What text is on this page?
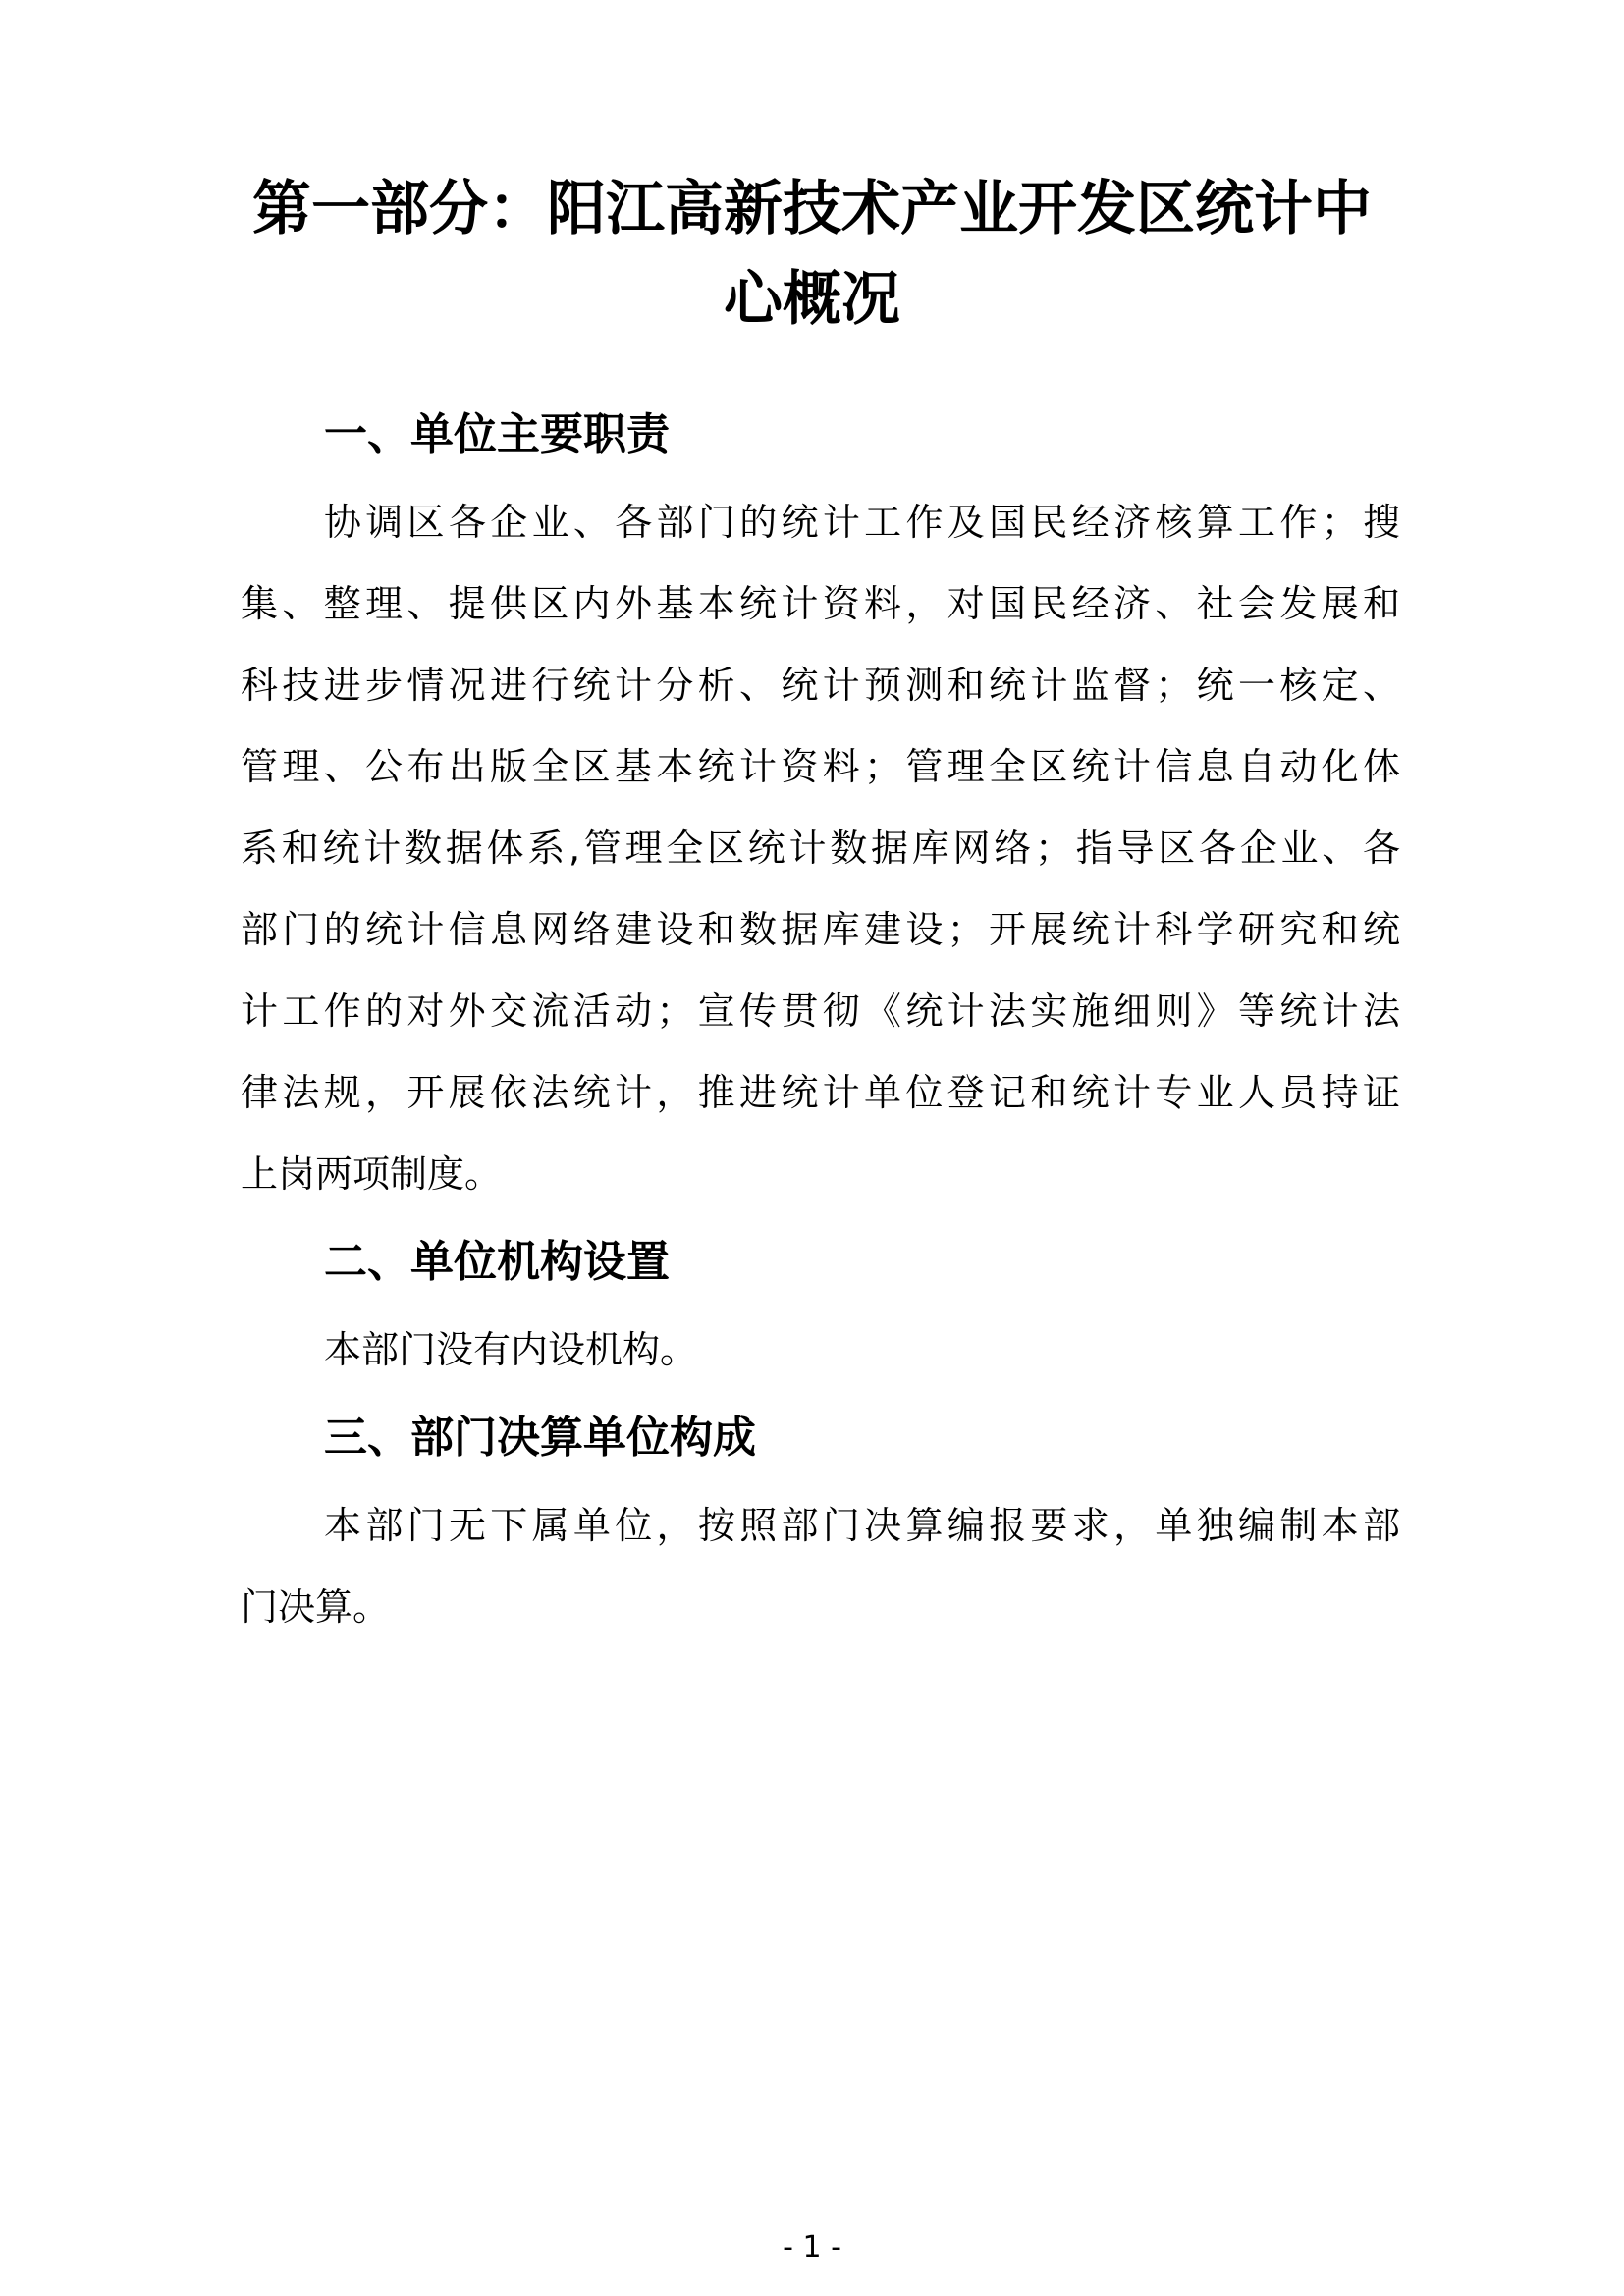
第一部分：阳江高新技术产业开发区统计中
心概况
一、单位主要职责
协调区各企业、各部门的统计工作及国民经济核算工作；搜
集、整理、提供区内外基本统计资料，对国民经济、社会发展和
科技进步情况进行统计分析、统计预测和统计监督；统一核定、
管理、公布出版全区基本统计资料；管理全区统计信息自动化体
系和统计数据体系,管理全区统计数据库网络；指导区各企业、各
部门的统计信息网络建设和数据库建设；开展统计科学研究和统
计工作的对外交流活动；宣传贯彻《统计法实施细则》等统计法
律法规，开展依法统计，推进统计单位登记和统计专业人员持证
上岗两项制度。
二、单位机构设置
本部门没有内设机构。
三、部门决算单位构成
本部门无下属单位，按照部门决算编报要求，单独编制本部
门决算。
- 1 -
